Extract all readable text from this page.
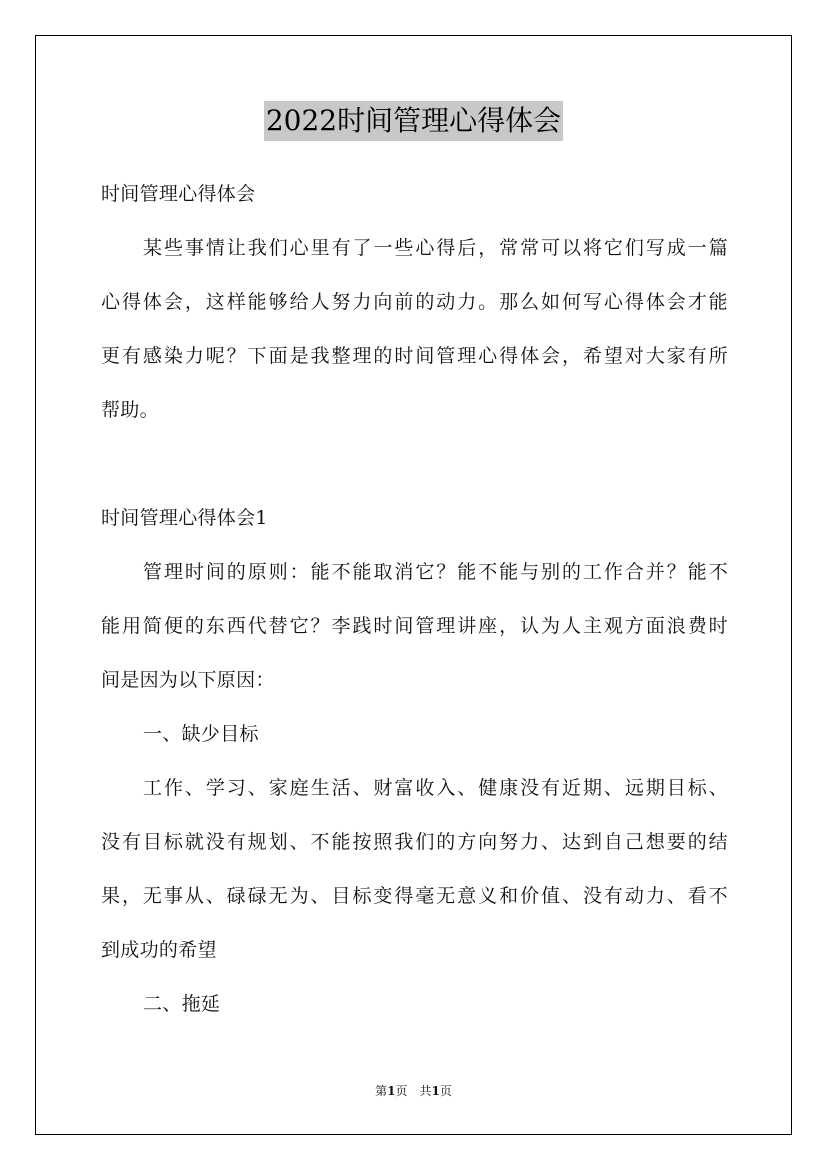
2022时间管理心得体会
时间管理心得体会
某些事情让我们心里有了一些心得后，常常可以将它们写成一篇
心得体会，这样能够给人努力向前的动力。那么如何写心得体会才能
更有感染力呢？下面是我整理的时间管理心得体会，希望对大家有所
帮助。
时间管理心得体会1
管理时间的原则：能不能取消它？能不能与别的工作合并？能不
能用简便的东西代替它？李践时间管理讲座，认为人主观方面浪费时
间是因为以下原因：
一、缺少目标
工作、学习、家庭生活、财富收入、健康没有近期、远期目标、
没有目标就没有规划、不能按照我们的方向努力、达到自己想要的结
果，无事从、碌碌无为、目标变得毫无意义和价值、没有动力、看不
到成功的希望
二、拖延
第1页　共1页
